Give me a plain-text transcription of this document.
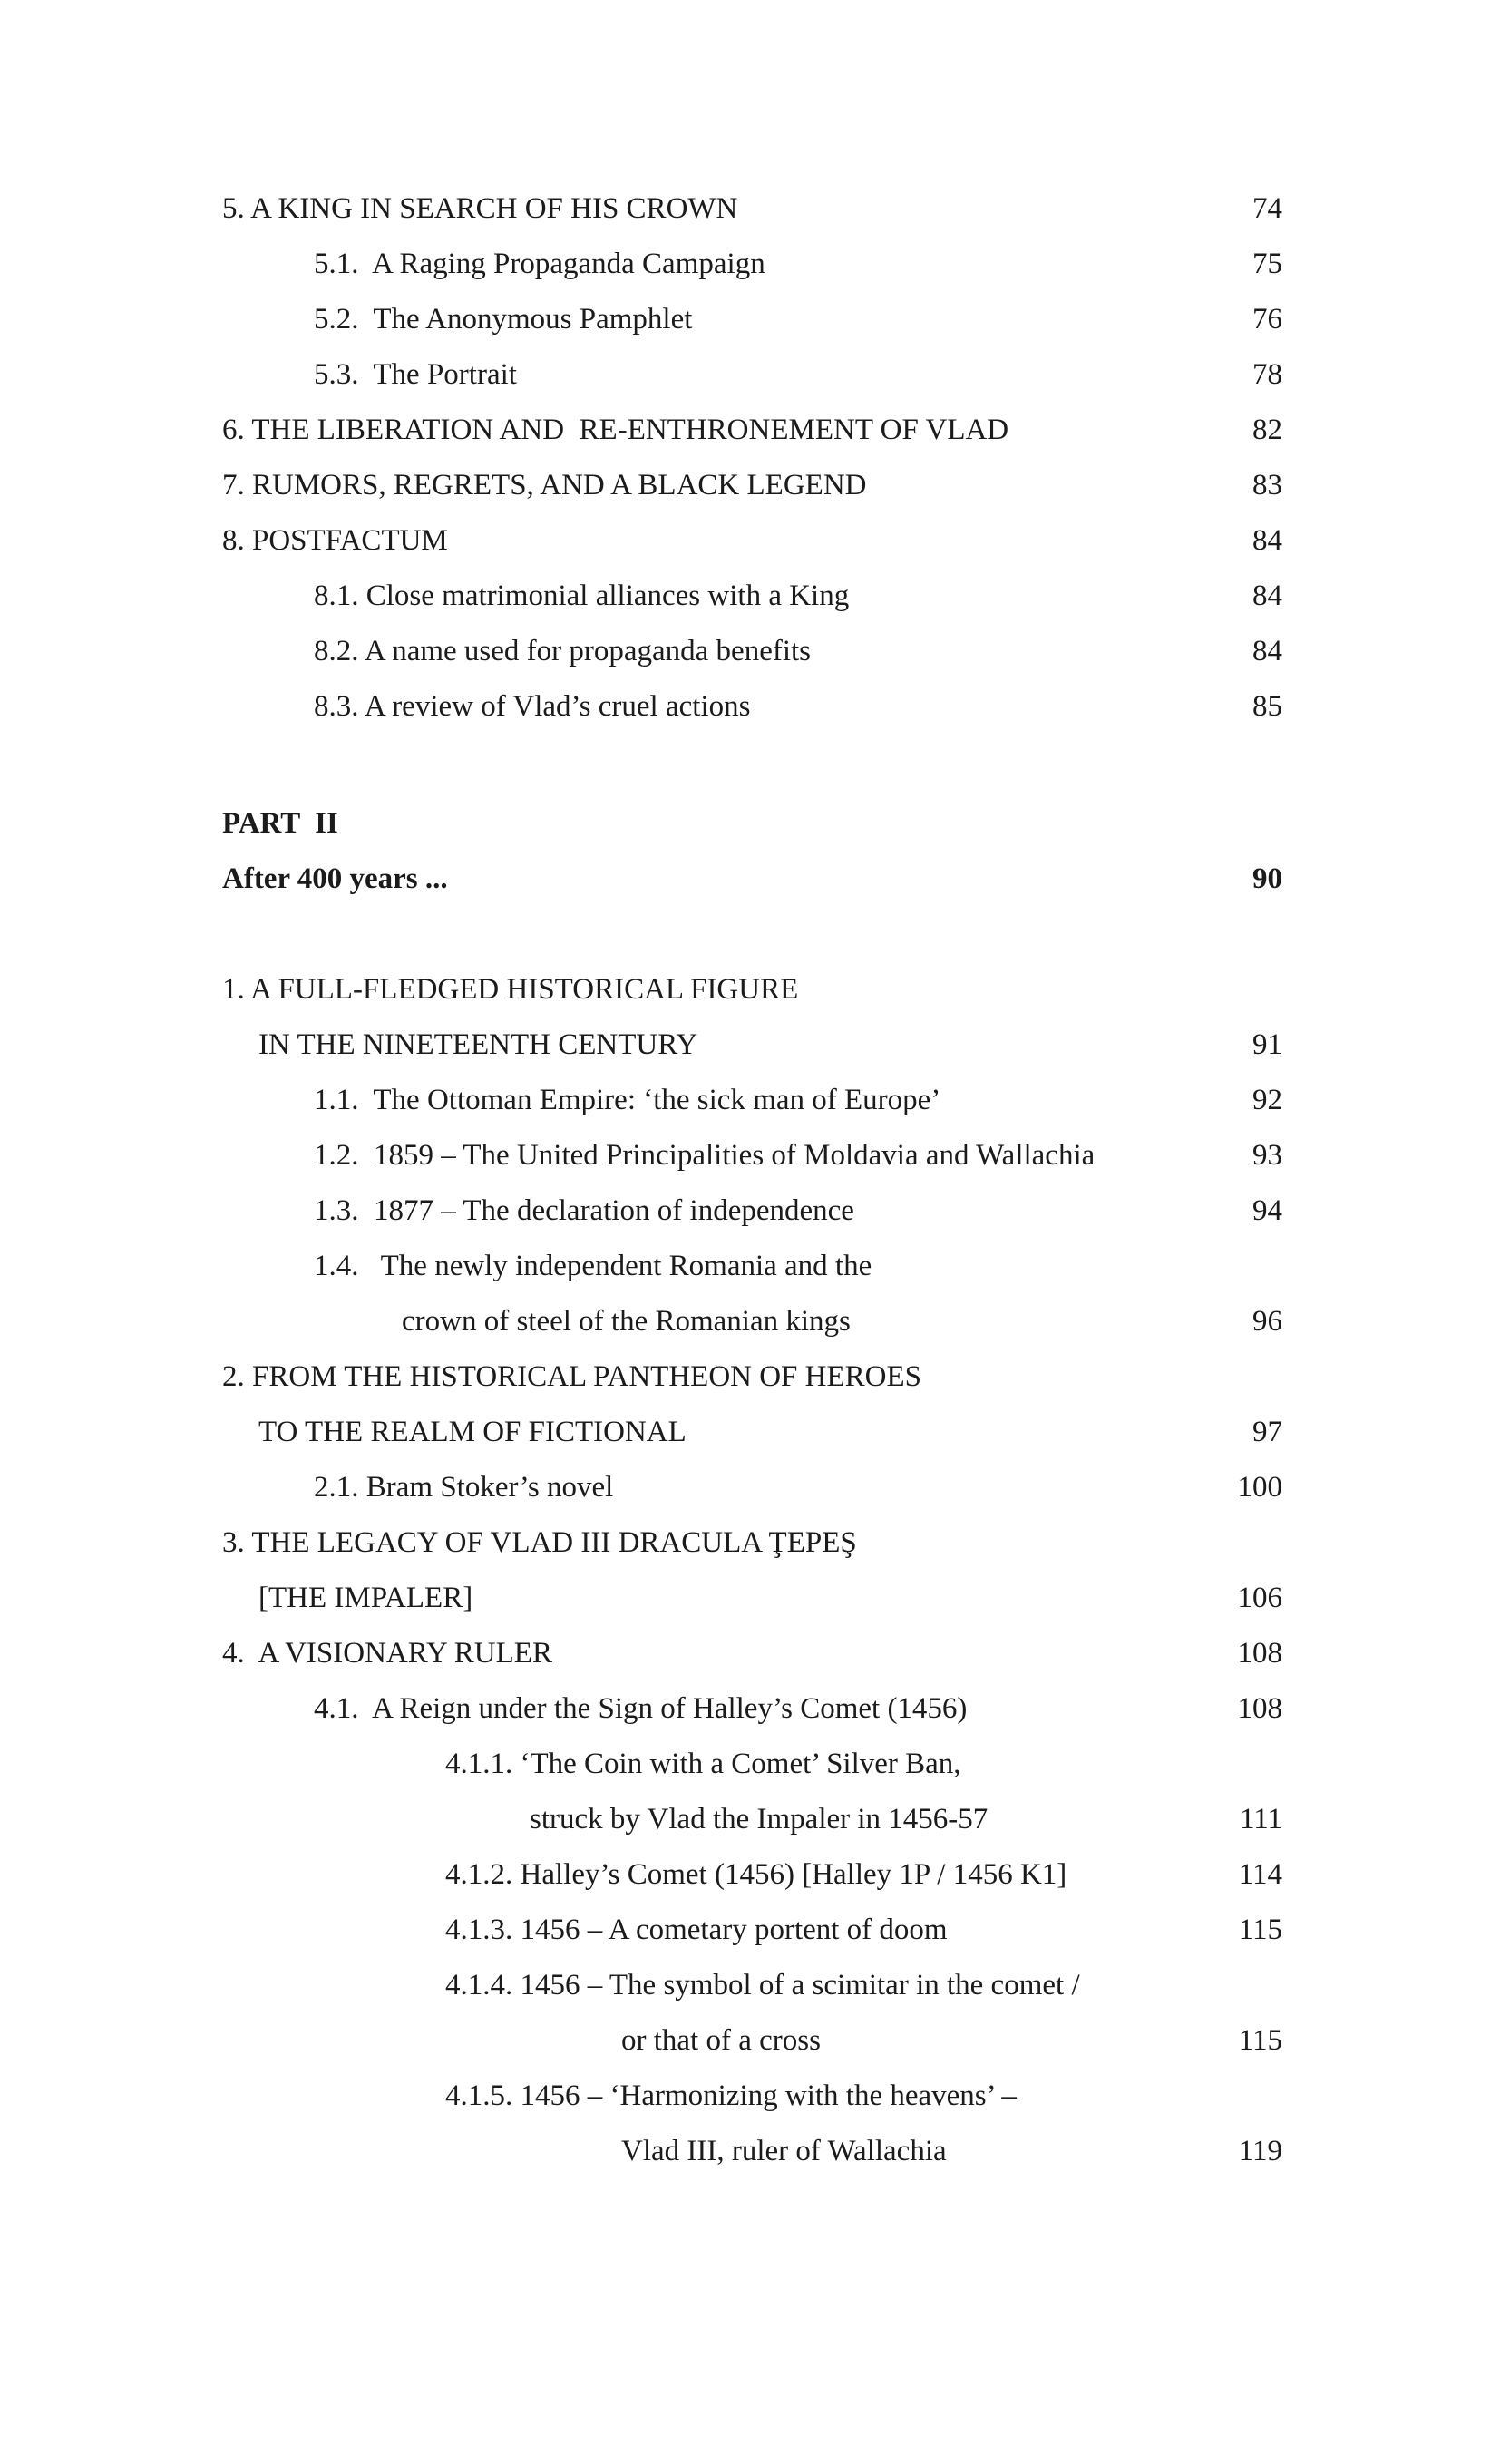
5. A KING IN SEARCH OF HIS CROWN	74
5.1.  A Raging Propaganda Campaign	75
5.2.  The Anonymous Pamphlet	76
5.3.  The Portrait	78
6. THE LIBERATION AND  RE-ENTHRONEMENT OF VLAD	82
7. RUMORS, REGRETS, AND A BLACK LEGEND	83
8. POSTFACTUM	84
8.1. Close matrimonial alliances with a King	84
8.2. A name used for propaganda benefits	84
8.3. A review of Vlad’s cruel actions	85
PART  II
After 400 years ...	90
1. A FULL-FLEDGED HISTORICAL FIGURE
IN THE NINETEENTH CENTURY	91
1.1.  The Ottoman Empire: ‘the sick man of Europe’	92
1.2.  1859 – The United Principalities of Moldavia and Wallachia	93
1.3.  1877 – The declaration of independence	94
1.4.   The newly independent Romania and the
crown of steel of the Romanian kings	96
2. FROM THE HISTORICAL PANTHEON OF HEROES
TO THE REALM OF FICTIONAL	97
2.1. Bram Stoker’s novel	100
3. THE LEGACY OF VLAD III DRACULA ŢEPEŞ
[THE IMPALER]	106
4.  A VISIONARY RULER	108
4.1.  A Reign under the Sign of Halley’s Comet (1456)	108
4.1.1. ‘The Coin with a Comet’ Silver Ban,
struck by Vlad the Impaler in 1456-57	111
4.1.2. Halley’s Comet (1456) [Halley 1P / 1456 K1]	114
4.1.3. 1456 – A cometary portent of doom	115
4.1.4. 1456 – The symbol of a scimitar in the comet /
or that of a cross	115
4.1.5. 1456 – ‘Harmonizing with the heavens’ –
Vlad III, ruler of Wallachia	119
